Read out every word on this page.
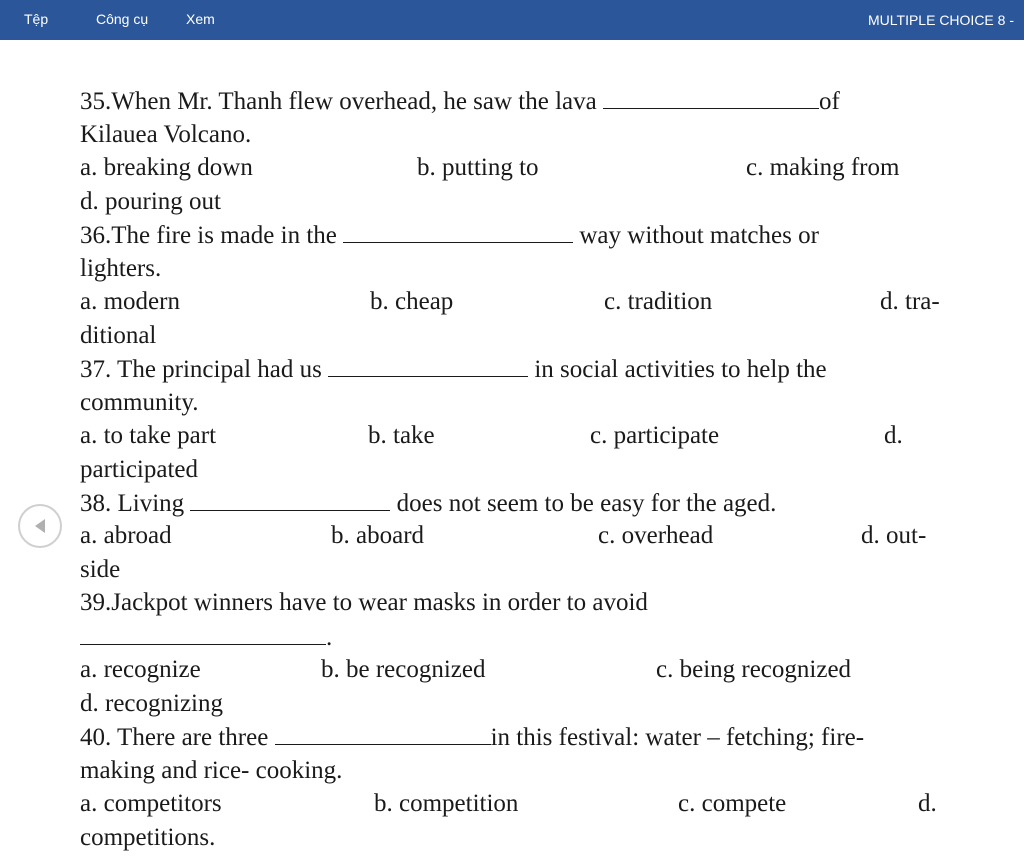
Tệp	Công cụ	Xem	MULTIPLE CHOICE 8 -
35.When Mr. Thanh flew overhead, he saw the lava	of
Kilauea Volcano.
a. breaking down	b. putting to	c. making from
d. pouring out
36.The fire is made in the	way without matches or
lighters.
a. modern	b. cheap	c. tradition	d. tra-
ditional
37. The principal had us	in social activities to help the
community.
a. to take part	b. take	c. participate	d.
participated
38. Living	does not seem to be easy for the aged.
a. abroad	b. aboard	c. overhead	d. out-
side
39.Jackpot winners have to wear masks in order to avoid
.
a. recognize	b. be recognized	c. being recognized
d. recognizing
40. There are three	in this festival: water – fetching; fire-
making and rice- cooking.
a. competitors	b. competition	c. compete	d.
competitions.
